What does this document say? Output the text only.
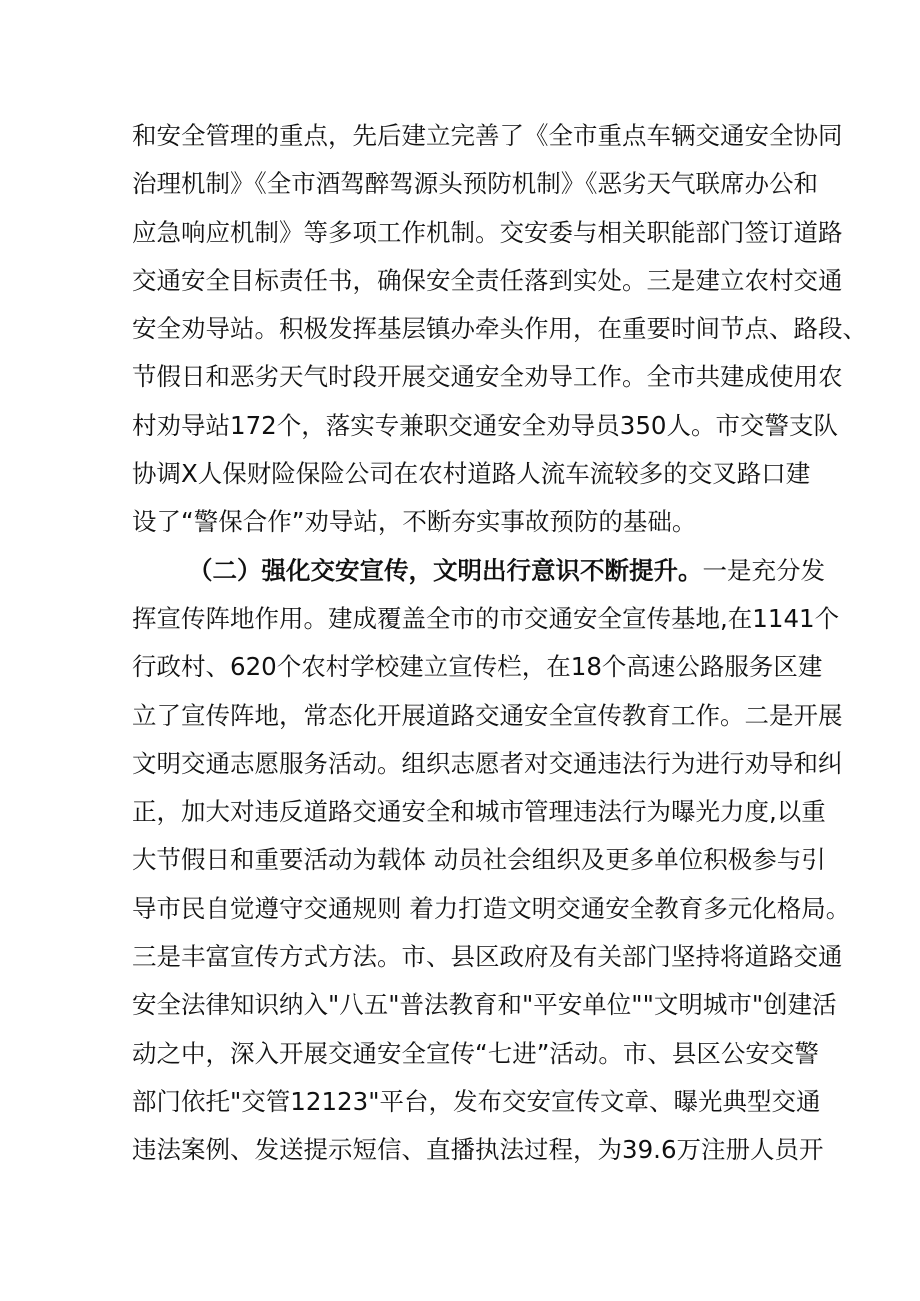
和安全管理的重点，先后建立完善了《全市重点车辆交通安全协同
治理机制》《全市酒驾醉驾源头预防机制》《恶劣天气联席办公和
应急响应机制》等多项工作机制。交安委与相关职能部门签订道路
交通安全目标责任书，确保安全责任落到实处。三是建立农村交通
安全劝导站。积极发挥基层镇办牵头作用，在重要时间节点、路段、
节假日和恶劣天气时段开展交通安全劝导工作。全市共建成使用农
村劝导站172个，落实专兼职交通安全劝导员350人。市交警支队
协调X人保财险保险公司在农村道路人流车流较多的交叉路口建
设了“警保合作”劝导站，不断夯实事故预防的基础。
（二）强化交安宣传，文明出行意识不断提升。一是充分发
挥宣传阵地作用。建成覆盖全市的市交通安全宣传基地,在1141个
行政村、620个农村学校建立宣传栏，在18个高速公路服务区建
立了宣传阵地，常态化开展道路交通安全宣传教育工作。二是开展
文明交通志愿服务活动。组织志愿者对交通违法行为进行劝导和纠
正，加大对违反道路交通安全和城市管理违法行为曝光力度,以重
大节假日和重要活动为载体 动员社会组织及更多单位积极参与引
导市民自觉遵守交通规则 着力打造文明交通安全教育多元化格局。
三是丰富宣传方式方法。市、县区政府及有关部门坚持将道路交通
安全法律知识纳入"八五"普法教育和"平安单位""文明城市"创建活
动之中，深入开展交通安全宣传“七进”活动。市、县区公安交警
部门依托"交管12123"平台，发布交安宣传文章、曝光典型交通
违法案例、发送提示短信、直播执法过程，为39.6万注册人员开
